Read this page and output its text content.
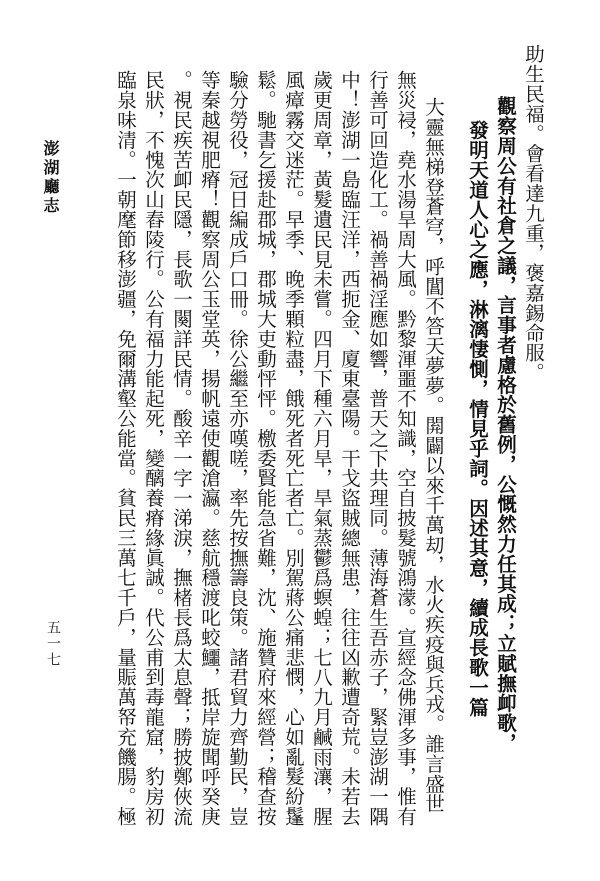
助生民福。會看達九重，褒嘉錫命服。
觀察周公有社倉之議，言事者慮格於舊例，公慨然力任其成；立賦撫卹歌，
發明天道人心之應，淋漓悽惻，情見乎詞。因述其意，續成長歌一篇
大靈無梯登蒼穹，呼閶不答天夢夢。閞闢以來千萬刧，水火疾疫與兵戎。誰言盛世
無災祲，堯水湯旱周大風。黔黎渾噩不知識，空自披髮號鴻濛。宣經念佛渾多事，惟有
行善可回造化工。禍善禍淫應如響，普天之下共理同。薄海蒼生吾赤子，緊豈澎湖一隅
中！澎湖一島臨汪洋，西扼金、廈東臺陽。干戈盜賊總無患，往往凶歉遭奇荒。未若去
歲更周章，黃髮遺民見未嘗。四月下種六月旱，旱氣蒸鬱爲螟蝗；七八九月鹹雨瀼，腥
風瘴霧交迷茫。早季、晚季顆粒盡，餓死者死亡者亡。別駕蔣公痛悲憫，心如亂髮紛鬔
鬆。馳書乞援赴郡城，郡城大吏動怦怦。檄委賢能急省難，沈、施贊府來經營；稽查按
驗分勞役，冠日編成戶口冊。徐公繼至亦嘆嗟，率先按撫籌良策。諸君貿力齊勤民，豈
等秦越視肥瘠！觀察周公玉堂英，揚帆遠使觀滄瀛。慈航穩渡叱蛟鱷，抵岸旋聞呼癸庚
。視民疾苦卹民隱，長歌一闋詳民情。酸辛一字一涕淚，撫楮長爲太息聲；勝披鄭俠流
民狀，不愧次山舂陵行。公有福力能起死，變醨養瘠緣眞誠。代公甫到毒龍窟，豹房初
臨泉味清。一朝麾節移澎疆，免爾溝壑公能當。貧民三萬七千戶，量賑萬帑充饑腸。極
澎湖廳志
五一七
